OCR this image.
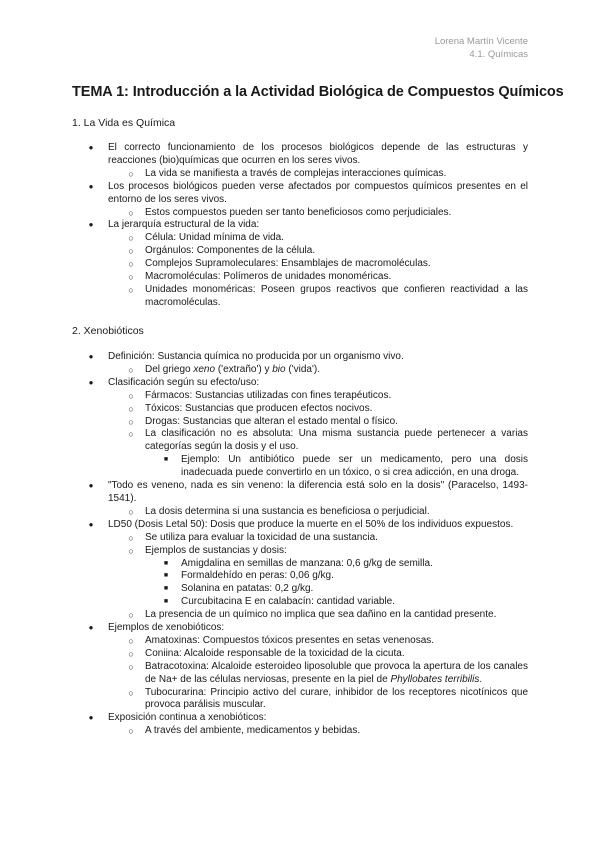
Lorena Martín Vicente
4.1. Químicas
TEMA 1: Introducción a la Actividad Biológica de Compuestos Químicos
1. La Vida es Química
● El correcto funcionamiento de los procesos biológicos depende de las estructuras y reacciones (bio)químicas que ocurren en los seres vivos.
○ La vida se manifiesta a través de complejas interacciones químicas.
● Los procesos biológicos pueden verse afectados por compuestos químicos presentes en el entorno de los seres vivos.
○ Estos compuestos pueden ser tanto beneficiosos como perjudiciales.
● La jerarquía estructural de la vida:
○ Célula: Unidad mínima de vida.
○ Orgánulos: Componentes de la célula.
○ Complejos Supramoleculares: Ensamblajes de macromoléculas.
○ Macromoléculas: Polímeros de unidades monoméricas.
○ Unidades monoméricas: Poseen grupos reactivos que confieren reactividad a las macromoléculas.
2. Xenobióticos
● Definición: Sustancia química no producida por un organismo vivo.
○ Del griego xeno ('extraño') y bio ('vida').
● Clasificación según su efecto/uso:
○ Fármacos: Sustancias utilizadas con fines terapéuticos.
○ Tóxicos: Sustancias que producen efectos nocivos.
○ Drogas: Sustancias que alteran el estado mental o físico.
○ La clasificación no es absoluta: Una misma sustancia puede pertenecer a varias categorías según la dosis y el uso.
■ Ejemplo: Un antibiótico puede ser un medicamento, pero una dosis inadecuada puede convertirlo en un tóxico, o si crea adicción, en una droga.
● "Todo es veneno, nada es sin veneno: la diferencia está solo en la dosis" (Paracelso, 1493-1541).
○ La dosis determina si una sustancia es beneficiosa o perjudicial.
● LD50 (Dosis Letal 50): Dosis que produce la muerte en el 50% de los individuos expuestos.
○ Se utiliza para evaluar la toxicidad de una sustancia.
○ Ejemplos de sustancias y dosis:
■ Amigdalina en semillas de manzana: 0,6 g/kg de semilla.
■ Formaldehído en peras: 0,06 g/kg.
■ Solanina en patatas: 0,2 g/kg.
■ Curcubitacina E en calabacín: cantidad variable.
○ La presencia de un químico no implica que sea dañino en la cantidad presente.
● Ejemplos de xenobióticos:
○ Amatoxinas: Compuestos tóxicos presentes en setas venenosas.
○ Coniina: Alcaloide responsable de la toxicidad de la cicuta.
○ Batracotoxina: Alcaloide esteroideo liposoluble que provoca la apertura de los canales de Na+ de las células nerviosas, presente en la piel de Phyllobates terribilis.
○ Tubocurarina: Principio activo del curare, inhibidor de los receptores nicotínicos que provoca parálisis muscular.
● Exposición continua a xenobióticos:
○ A través del ambiente, medicamentos y bebidas.
